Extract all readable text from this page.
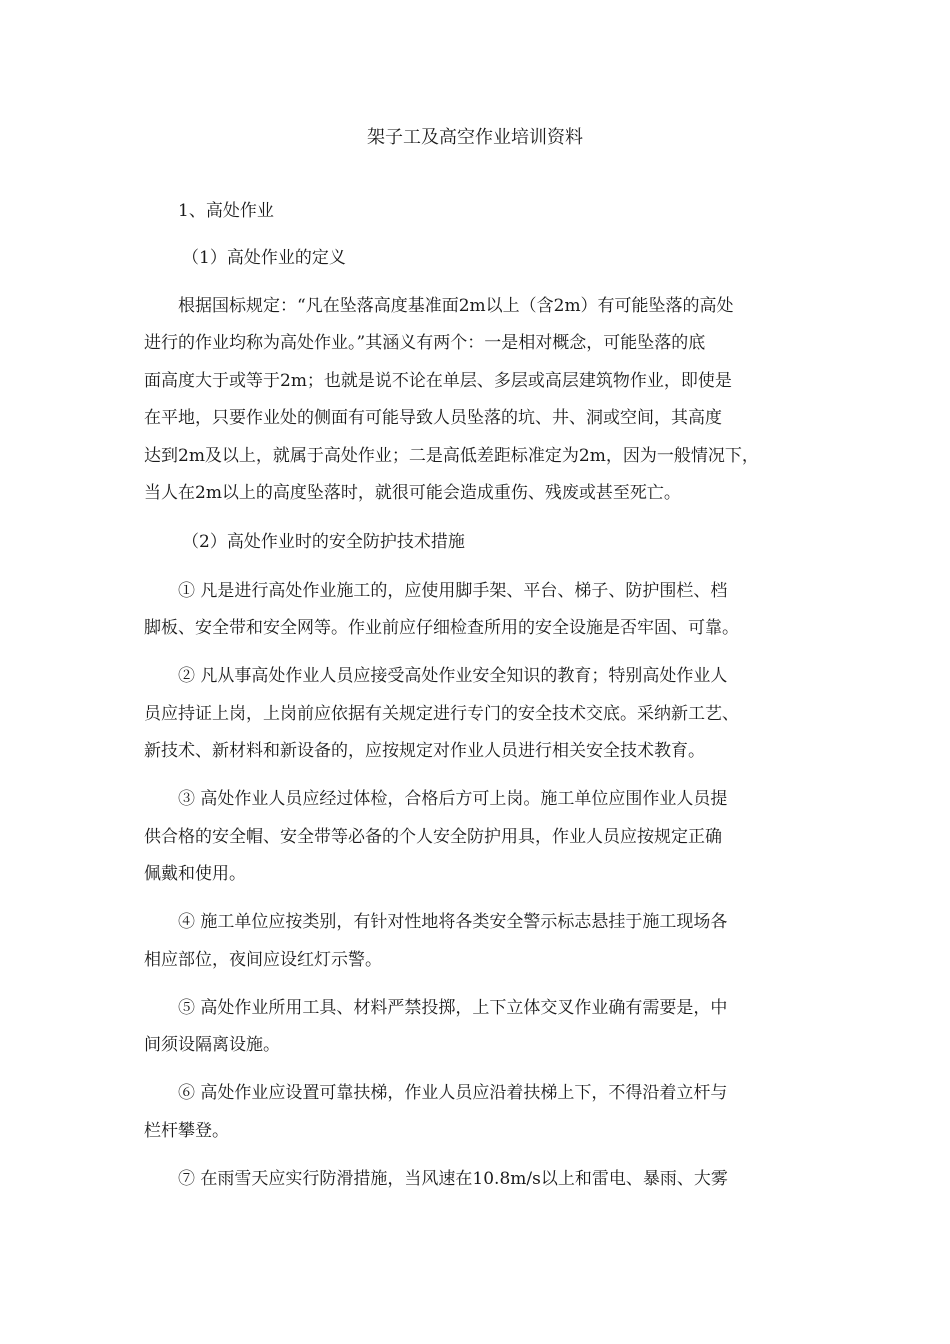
架子工及高空作业培训资料
1、高处作业
（1）高处作业的定义
根据国标规定：“凡在坠落高度基准面2m以上（含2m）有可能坠落的高处
进行的作业均称为高处作业。”其涵义有两个：一是相对概念，可能坠落的底
面高度大于或等于2m；也就是说不论在单层、多层或高层建筑物作业，即使是
在平地，只要作业处的侧面有可能导致人员坠落的坑、井、洞或空间，其高度
达到2m及以上，就属于高处作业；二是高低差距标准定为2m，因为一般情况下，
当人在2m以上的高度坠落时，就很可能会造成重伤、残废或甚至死亡。
（2）高处作业时的安全防护技术措施
① 凡是进行高处作业施工的，应使用脚手架、平台、梯子、防护围栏、档
脚板、安全带和安全网等。作业前应仔细检查所用的安全设施是否牢固、可靠。
② 凡从事高处作业人员应接受高处作业安全知识的教育；特别高处作业人
员应持证上岗，上岗前应依据有关规定进行专门的安全技术交底。采纳新工艺、
新技术、新材料和新设备的，应按规定对作业人员进行相关安全技术教育。
③ 高处作业人员应经过体检，合格后方可上岗。施工单位应围作业人员提
供合格的安全帽、安全带等必备的个人安全防护用具，作业人员应按规定正确
佩戴和使用。
④ 施工单位应按类别，有针对性地将各类安全警示标志悬挂于施工现场各
相应部位，夜间应设红灯示警。
⑤ 高处作业所用工具、材料严禁投掷，上下立体交叉作业确有需要是，中
间须设隔离设施。
⑥ 高处作业应设置可靠扶梯，作业人员应沿着扶梯上下，不得沿着立杆与
栏杆攀登。
⑦ 在雨雪天应实行防滑措施，当风速在10.8m/s以上和雷电、暴雨、大雾
